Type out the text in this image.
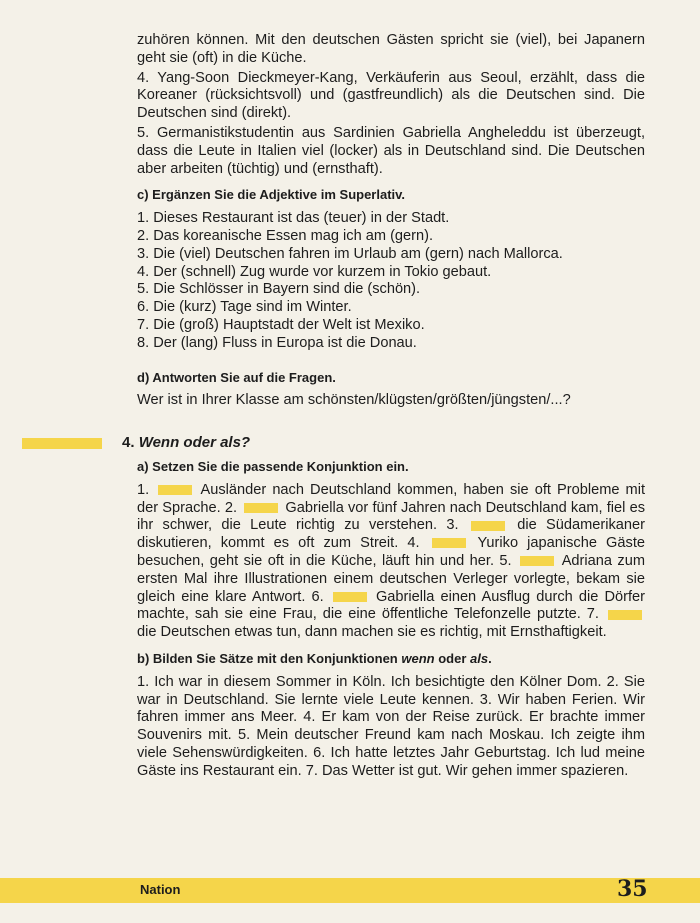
zuhören können. Mit den deutschen Gästen spricht sie (viel), bei Japanern geht sie (oft) in die Küche.

4. Yang-Soon Dieckmeyer-Kang, Verkäuferin aus Seoul, erzählt, dass die Koreaner (rücksichtsvoll) und (gastfreundlich) als die Deutschen sind. Die Deutschen sind (direkt).

5. Germanistikstudentin aus Sardinien Gabriella Angheleddu ist überzeugt, dass die Leute in Italien viel (locker) als in Deutschland sind. Die Deutschen aber arbeiten (tüchtig) und (ernsthaft).

c) Ergänzen Sie die Adjektive im Superlativ.

1. Dieses Restaurant ist das (teuer) in der Stadt.

2. Das koreanische Essen mag ich am (gern).

3. Die (viel) Deutschen fahren im Urlaub am (gern) nach Mallorca.

4. Der (schnell) Zug wurde vor kurzem in Tokio gebaut.

5. Die Schlösser in Bayern sind die (schön).

6. Die (kurz) Tage sind im Winter.

7. Die (groß) Hauptstadt der Welt ist Mexiko.

8. Der (lang) Fluss in Europa ist die Donau.

d) Antworten Sie auf die Fragen.

Wer ist in Ihrer Klasse am schönsten/klügsten/größten/jüngsten/...?

4. Wenn oder als?
a) Setzen Sie die passende Konjunktion ein.

1.	Ausländer nach Deutschland kommen, haben sie oft Probleme mit der Sprache. 2.	Gabriella vor fünf Jahren nach Deutschland kam, fiel es ihr schwer, die Leute richtig zu verstehen. 3.	die Südamerikaner diskutieren, kommt es oft zum Streit. 4.	Yuriko japanische Gäste besuchen, geht sie oft in die Küche, läuft hin und her. 5.	Adriana zum ersten Mal ihre Illustrationen einem deutschen Verleger vorlegte, bekam sie gleich eine klare Antwort. 6.	Gabriella einen Ausflug durch die Dörfer machte, sah sie eine Frau, die eine öffentliche Telefonzelle putzte. 7.  die Deutschen etwas tun, dann machen sie es richtig, mit Ernsthaftigkeit.

b) Bilden Sie Sätze mit den Konjunktionen wenn oder als.

1. Ich war in diesem Sommer in Köln. Ich besichtigte den Kölner Dom. 2. Sie war in Deutschland. Sie lernte viele Leute kennen. 3. Wir haben Ferien. Wir fahren immer ans Meer. 4. Er kam von der Reise zurück. Er brachte immer Souvenirs mit. 5. Mein deutscher Freund kam nach Moskau. Ich zeigte ihm viele Sehenswürdigkeiten. 6. Ich hatte letztes Jahr Geburtstag. Ich lud meine Gäste ins Restaurant ein. 7. Das Wetter ist gut. Wir gehen immer spazieren.

Nation	35
